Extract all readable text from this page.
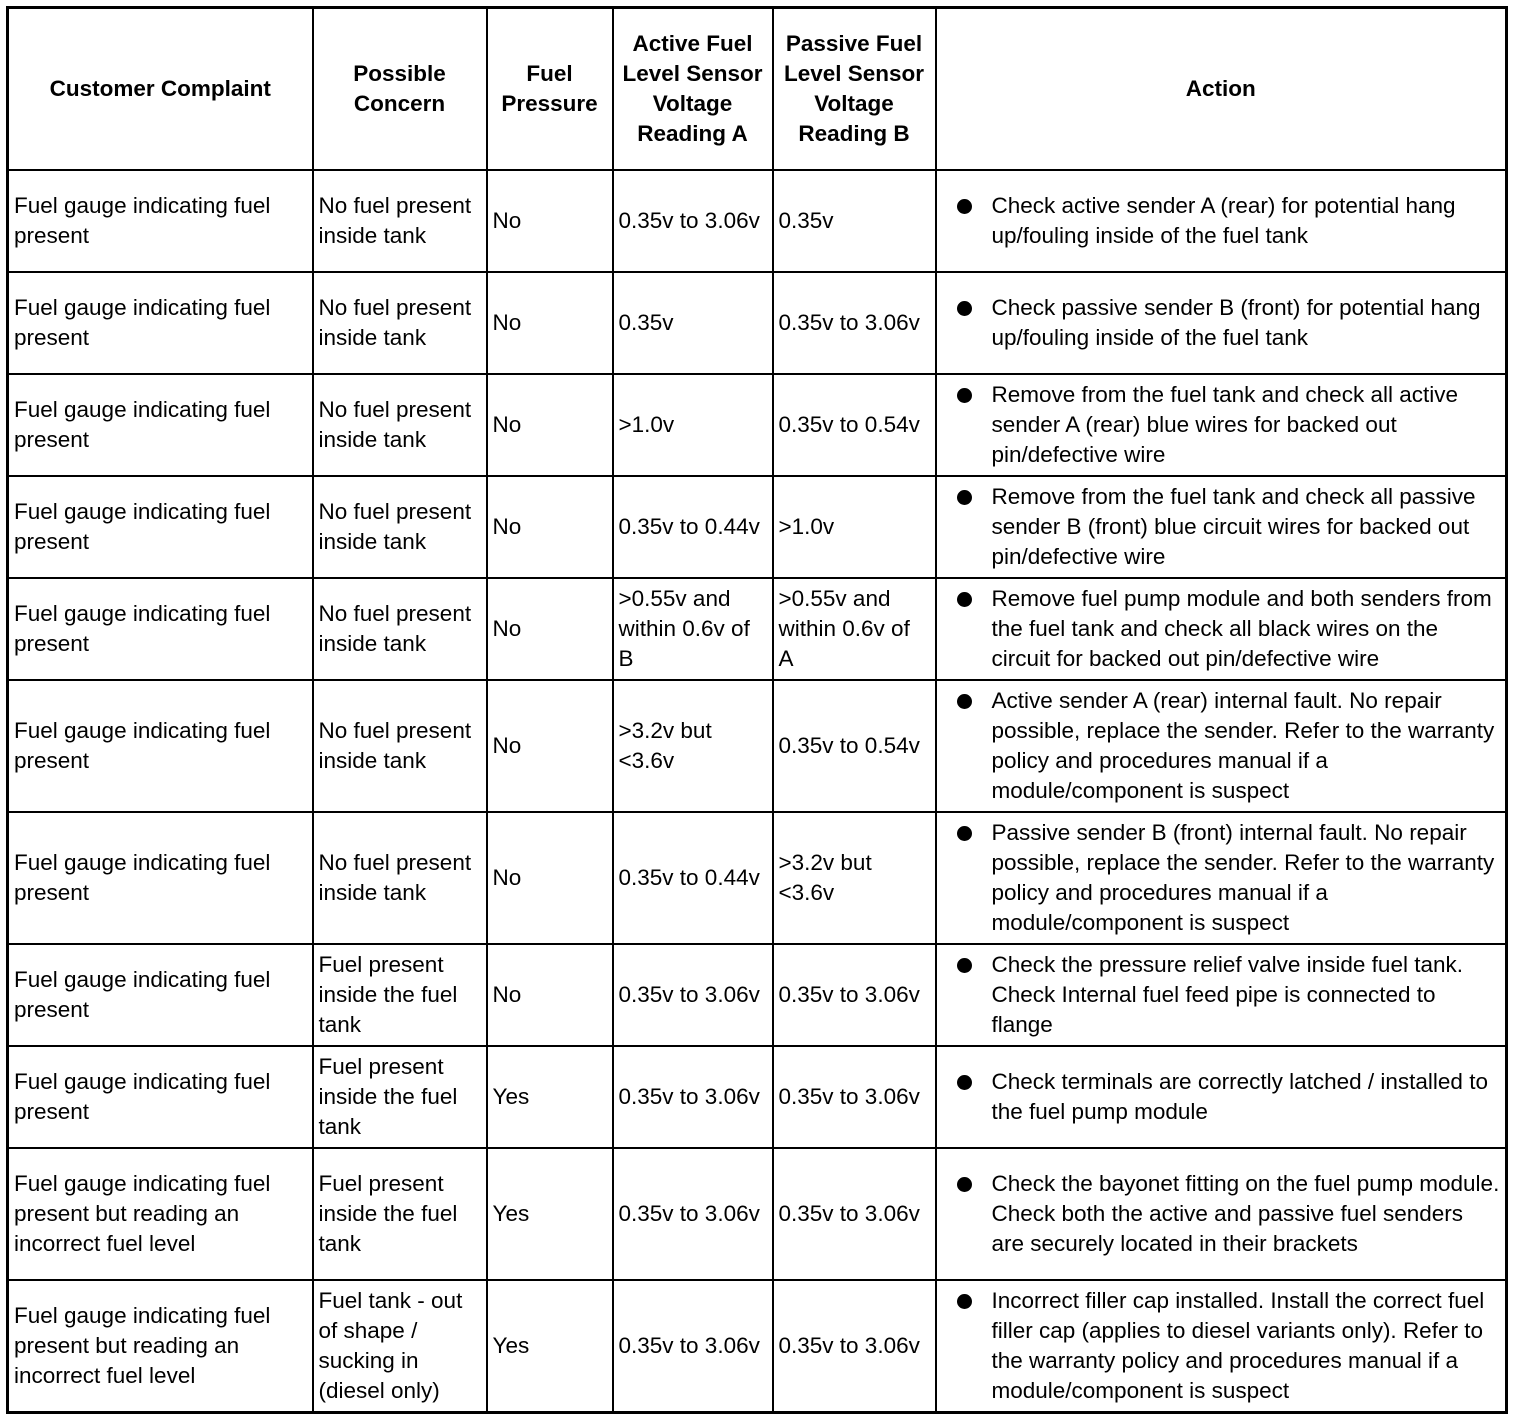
Customer Complaint	Possible Concern	Fuel Pressure	Active Fuel Level Sensor Voltage Reading A	Passive Fuel Level Sensor Voltage Reading B	Action
Fuel gauge indicating fuel present	No fuel present inside tank	No	0.35v to 3.06v	0.35v	Check active sender A (rear) for potential hang up/fouling inside of the fuel tank

Fuel gauge indicating fuel present	No fuel present inside tank	No	0.35v	0.35v to 3.06v	Check passive sender B (front) for potential hang up/fouling inside of the fuel tank

Fuel gauge indicating fuel present	No fuel present inside tank	No	>1.0v	0.35v to 0.54v	Remove from the fuel tank and check all active sender A (rear) blue wires for backed out pin/defective wire

Fuel gauge indicating fuel present	No fuel present inside tank	No	0.35v to 0.44v	>1.0v	Remove from the fuel tank and check all passive sender B (front) blue circuit wires for backed out pin/defective wire

Fuel gauge indicating fuel present	No fuel present inside tank	No	>0.55v and within 0.6v of B	>0.55v and within 0.6v of A	Remove fuel pump module and both senders from the fuel tank and check all black wires on the circuit for backed out pin/defective wire

Fuel gauge indicating fuel present	No fuel present inside tank	No	>3.2v but <3.6v	0.35v to 0.54v	Active sender A (rear) internal fault. No repair possible, replace the sender. Refer to the warranty policy and procedures manual if a module/component is suspect

Fuel gauge indicating fuel present	No fuel present inside tank	No	0.35v to 0.44v	>3.2v but <3.6v	Passive sender B (front) internal fault. No repair possible, replace the sender. Refer to the warranty policy and procedures manual if a module/component is suspect

Fuel gauge indicating fuel present	Fuel present inside the fuel tank	No	0.35v to 3.06v	0.35v to 3.06v	Check the pressure relief valve inside fuel tank. Check Internal fuel feed pipe is connected to flange

Fuel gauge indicating fuel present	Fuel present inside the fuel tank	Yes	0.35v to 3.06v	0.35v to 3.06v	Check terminals are correctly latched / installed to the fuel pump module

Fuel gauge indicating fuel present but reading an incorrect fuel level	Fuel present inside the fuel tank	Yes	0.35v to 3.06v	0.35v to 3.06v	Check the bayonet fitting on the fuel pump module. Check both the active and passive fuel senders are securely located in their brackets

Fuel gauge indicating fuel present but reading an incorrect fuel level	Fuel tank - out of shape / sucking in (diesel only)	Yes	0.35v to 3.06v	0.35v to 3.06v	Incorrect filler cap installed. Install the correct fuel filler cap (applies to diesel variants only). Refer to the warranty policy and procedures manual if a module/component is suspect
